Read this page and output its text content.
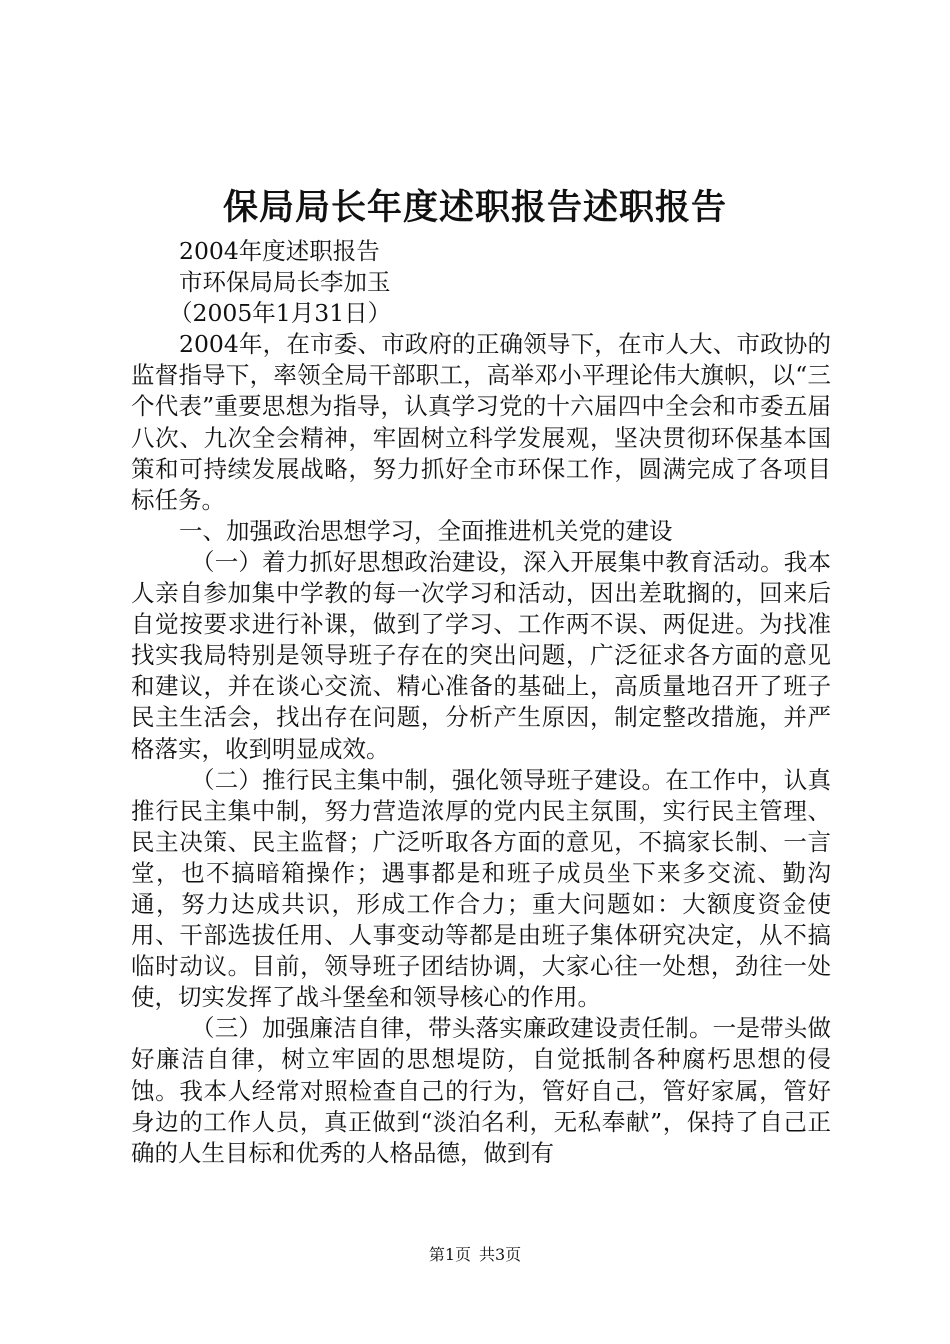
保局局长年度述职报告述职报告

2004年度述职报告

市环保局局长李加玉

（2005年1月31日）

2004年，在市委、市政府的正确领导下，在市人大、市政协的监督指导下，率领全局干部职工，高举邓小平理论伟大旗帜，以“三个代表”重要思想为指导，认真学习党的十六届四中全会和市委五届八次、九次全会精神，牢固树立科学发展观，坚决贯彻环保基本国策和可持续发展战略，努力抓好全市环保工作，圆满完成了各项目标任务。

一、加强政治思想学习，全面推进机关党的建设

（一）着力抓好思想政治建设，深入开展集中教育活动。我本人亲自参加集中学教的每一次学习和活动，因出差耽搁的，回来后自觉按要求进行补课，做到了学习、工作两不误、两促进。为找准找实我局特别是领导班子存在的突出问题，广泛征求各方面的意见和建议，并在谈心交流、精心准备的基础上，高质量地召开了班子民主生活会，找出存在问题，分析产生原因，制定整改措施，并严格落实，收到明显成效。

（二）推行民主集中制，强化领导班子建设。在工作中，认真推行民主集中制，努力营造浓厚的党内民主氛围，实行民主管理、民主决策、民主监督；广泛听取各方面的意见，不搞家长制、一言堂，也不搞暗箱操作；遇事都是和班子成员坐下来多交流、勤沟通，努力达成共识，形成工作合力；重大问题如：大额度资金使用、干部选拔任用、人事变动等都是由班子集体研究决定，从不搞临时动议。目前，领导班子团结协调，大家心往一处想，劲往一处使，切实发挥了战斗堡垒和领导核心的作用。

（三）加强廉洁自律，带头落实廉政建设责任制。一是带头做好廉洁自律，树立牢固的思想堤防，自觉抵制各种腐朽思想的侵蚀。我本人经常对照检查自己的行为，管好自己，管好家属，管好身边的工作人员，真正做到“淡泊名利，无私奉献”，保持了自己正确的人生目标和优秀的人格品德，做到有

第1页 共3页
